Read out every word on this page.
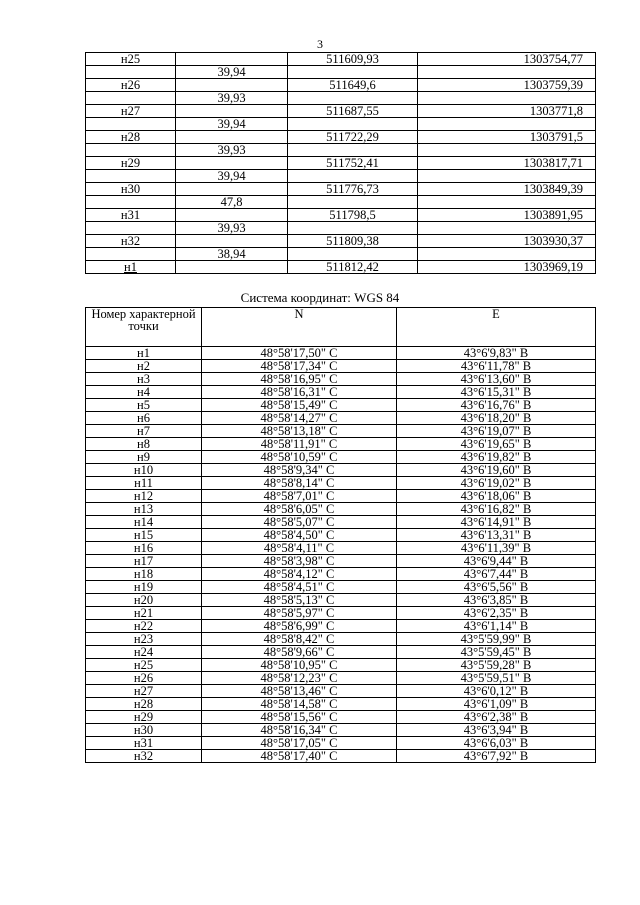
3
н25		511609,93	1303754,77
	39,94		
н26		511649,6	1303759,39
	39,93		
н27		511687,55	1303771,8
	39,94		
н28		511722,29	1303791,5
	39,93		
н29		511752,41	1303817,71
	39,94		
н30		511776,73	1303849,39
	47,8		
н31		511798,5	1303891,95
	39,93		
н32		511809,38	1303930,37
	38,94		
н1		511812,42	1303969,19
Система координат: WGS 84
Номер характерной точки	N	E
н1	48°58'17,50" С	43°6'9,83" В
н2	48°58'17,34" С	43°6'11,78" В
н3	48°58'16,95" С	43°6'13,60" В
н4	48°58'16,31" С	43°6'15,31" В
н5	48°58'15,49" С	43°6'16,76" В
н6	48°58'14,27" С	43°6'18,20" В
н7	48°58'13,18" С	43°6'19,07" В
н8	48°58'11,91" С	43°6'19,65" В
н9	48°58'10,59" С	43°6'19,82" В
н10	48°58'9,34" С	43°6'19,60" В
н11	48°58'8,14" С	43°6'19,02" В
н12	48°58'7,01" С	43°6'18,06" В
н13	48°58'6,05" С	43°6'16,82" В
н14	48°58'5,07" С	43°6'14,91" В
н15	48°58'4,50" С	43°6'13,31" В
н16	48°58'4,11" С	43°6'11,39" В
н17	48°58'3,98" С	43°6'9,44" В
н18	48°58'4,12" С	43°6'7,44" В
н19	48°58'4,51" С	43°6'5,56" В
н20	48°58'5,13" С	43°6'3,85" В
н21	48°58'5,97" С	43°6'2,35" В
н22	48°58'6,99" С	43°6'1,14" В
н23	48°58'8,42" С	43°5'59,99" В
н24	48°58'9,66" С	43°5'59,45" В
н25	48°58'10,95" С	43°5'59,28" В
н26	48°58'12,23" С	43°5'59,51" В
н27	48°58'13,46" С	43°6'0,12" В
н28	48°58'14,58" С	43°6'1,09" В
н29	48°58'15,56" С	43°6'2,38" В
н30	48°58'16,34" С	43°6'3,94" В
н31	48°58'17,05" С	43°6'6,03" В
н32	48°58'17,40" С	43°6'7,92" В
